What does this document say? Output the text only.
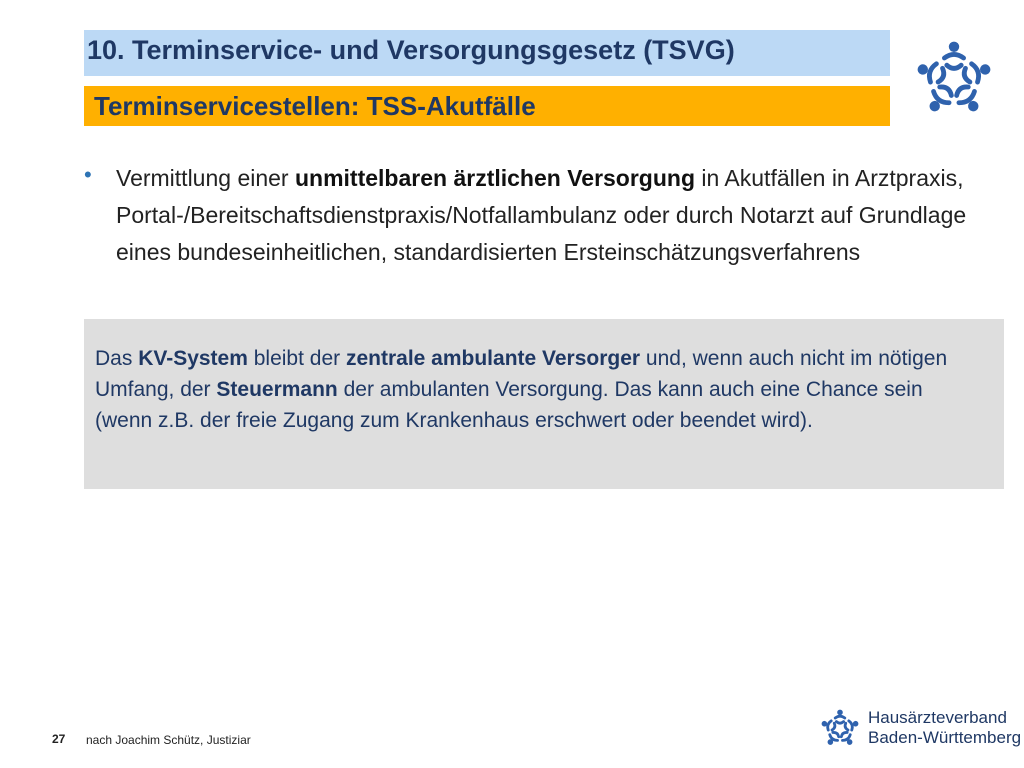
10. Terminservice- und Versorgungsgesetz (TSVG)
Terminservicestellen: TSS-Akutfälle
• Vermittlung einer unmittelbaren ärztlichen Versorgung in Akutfällen in Arztpraxis, Portal-/Bereitschaftsdienstpraxis/Notfallambulanz oder durch Notarzt auf Grundlage eines bundeseinheitlichen, standardisierten Ersteinschätzungsverfahrens
Das KV-System bleibt der zentrale ambulante Versorger und, wenn auch nicht im nötigen Umfang, der Steuermann der ambulanten Versorgung. Das kann auch eine Chance sein (wenn z.B. der freie Zugang zum Krankenhaus erschwert oder beendet wird).
27 nach Joachim Schütz, Justiziar
Hausärzteverband
Baden-Württemberg
